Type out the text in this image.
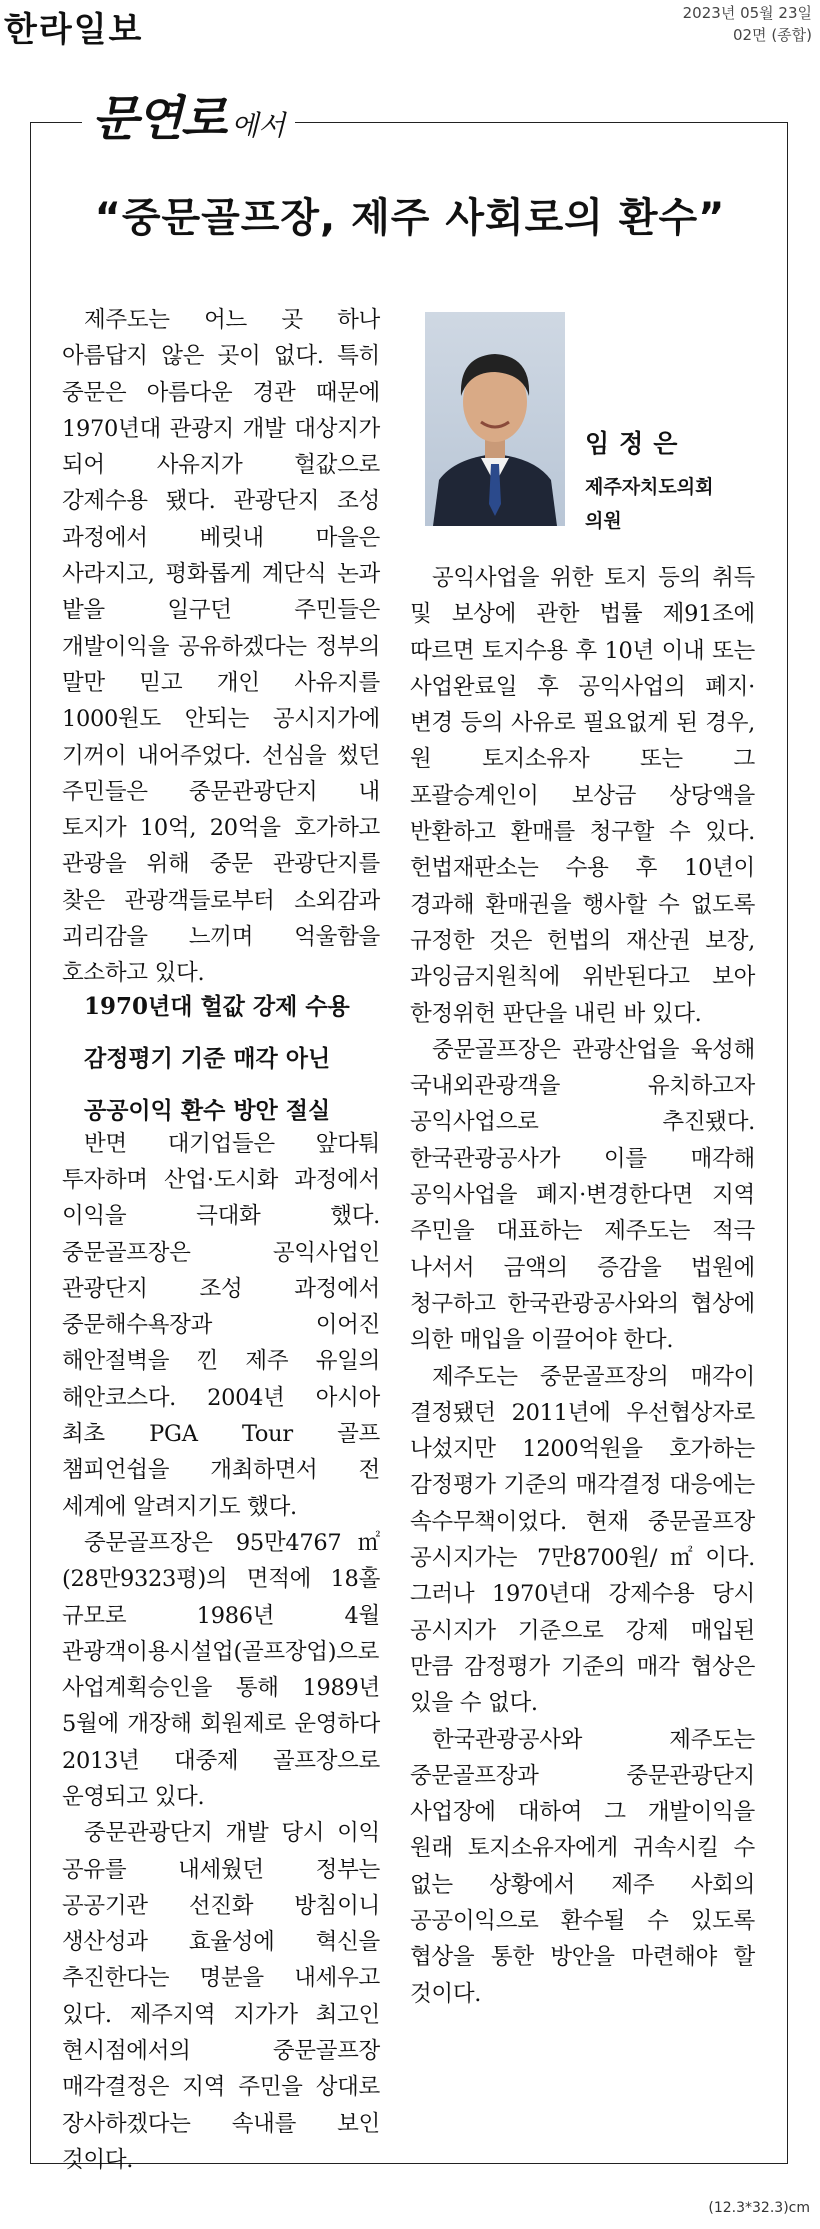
한라일보	2023년 05월 23일
02면 (종합)
문연로 에서
“중문골프장, 제주 사회로의 환수”

제주도는 어느 곳 하나 아름답지 않은 곳이 없다. 특히 중문은 아름다운 경관 때문에 1970년대 관광지 개발 대상지가 되어 사유지가 헐값으로 강제수용 됐다. 관광단지 조성 과정에서 베릿내 마을은 사라지고, 평화롭게 계단식 논과 밭을 일구던 주민들은 개발이익을 공유하겠다는 정부의 말만 믿고 개인 사유지를 1000원도 안되는 공시지가에 기꺼이 내어주었다. 선심을 썼던 주민들은 중문관광단지 내 토지가 10억, 20억을 호가하고 관광을 위해 중문 관광단지를 찾은 관광객들로부터 소외감과 괴리감을 느끼며 억울함을 호소하고 있다.

1970년대 헐값 강제 수용

감정평기 기준 매각 아닌

공공이익 환수 방안 절실

반면 대기업들은 앞다퉈 투자하며 산업·도시화 과정에서 이익을 극대화 했다. 중문골프장은 공익사업인 관광단지 조성 과정에서 중문해수욕장과 이어진 해안절벽을 낀 제주 유일의 해안코스다. 2004년 아시아 최초 PGA Tour 골프 챔피언쉽을 개최하면서 전 세계에 알려지기도 했다.

중문골프장은 95만4767㎡(28만9323평)의 면적에 18홀 규모로 1986년 4월 관광객이용시설업(골프장업)으로 사업계획승인을 통해 1989년 5월에 개장해 회원제로 운영하다 2013년 대중제 골프장으로 운영되고 있다.

중문관광단지 개발 당시 이익 공유를 내세웠던 정부는 공공기관 선진화 방침이니 생산성과 효율성에 혁신을 추진한다는 명분을 내세우고 있다. 제주지역 지가가 최고인 현시점에서의 중문골프장 매각결정은 지역 주민을 상대로 장사하겠다는 속내를 보인 것이다.

임정은
제주자치도의회
의원

공익사업을 위한 토지 등의 취득 및 보상에 관한 법률 제91조에 따르면 토지수용 후 10년 이내 또는 사업완료일 후 공익사업의 폐지·변경 등의 사유로 필요없게 된 경우, 원 토지소유자 또는 그 포괄승계인이 보상금 상당액을 반환하고 환매를 청구할 수 있다. 헌법재판소는 수용 후 10년이 경과해 환매권을 행사할 수 없도록 규정한 것은 헌법의 재산권 보장, 과잉금지원칙에 위반된다고 보아 한정위헌 판단을 내린 바 있다.

중문골프장은 관광산업을 육성해 국내외관광객을 유치하고자 공익사업으로 추진됐다. 한국관광공사가 이를 매각해 공익사업을 폐지·변경한다면 지역 주민을 대표하는 제주도는 적극 나서서 금액의 증감을 법원에 청구하고 한국관광공사와의 협상에 의한 매입을 이끌어야 한다.

제주도는 중문골프장의 매각이 결정됐던 2011년에 우선협상자로 나섰지만 1200억원을 호가하는 감정평가 기준의 매각결정 대응에는 속수무책이었다. 현재 중문골프장 공시지가는 7만8700원/㎡이다. 그러나 1970년대 강제수용 당시 공시지가 기준으로 강제 매입된 만큼 감정평가 기준의 매각 협상은 있을 수 없다.

한국관광공사와 제주도는 중문골프장과 중문관광단지 사업장에 대하여 그 개발이익을 원래 토지소유자에게 귀속시킬 수 없는 상황에서 제주 사회의 공공이익으로 환수될 수 있도록 협상을 통한 방안을 마련해야 할 것이다.

(12.3*32.3)cm
